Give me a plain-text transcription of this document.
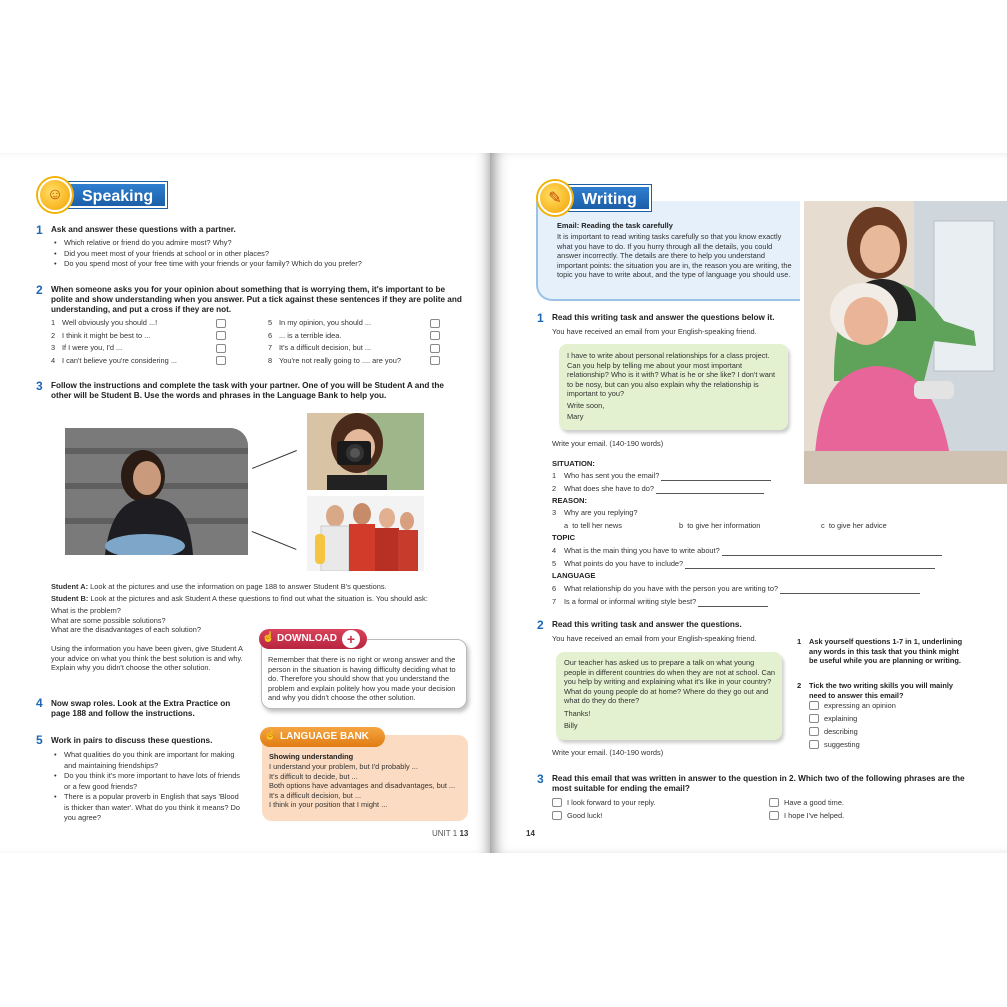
☺	Speaking
1 Ask and answer these questions with a partner.
• Which relative or friend do you admire most? Why?
• Did you meet most of your friends at school or in other places?
• Do you spend most of your free time with your friends or your family? Which do you prefer?
2 When someone asks you for your opinion about something that is worrying them, it's important to be polite and show understanding when you answer. Put a tick against these sentences if they are polite and understanding, and put a cross if they are not.
1 Well obviously you should ...!
2 I think it might be best to ...
3 If I were you, I'd ...
4 I can't believe you're considering ...
5 In my opinion, you should ...
6 ... is a terrible idea.
7 It's a difficult decision, but ...
8 You're not really going to .... are you?
3 Follow the instructions and complete the task with your partner. One of you will be Student A and the other will be Student B. Use the words and phrases in the Language Bank to help you.
Student A: Look at the pictures and use the information on page 188 to answer Student B's questions.
Student B: Look at the pictures and ask Student A these questions to find out what the situation is. You should ask:
What is the problem?
What are some possible solutions?
What are the disadvantages of each solution?
Using the information you have been given, give Student A your advice on what you think the best solution is and why. Explain why you didn't choose the other solution.
Remember that there is no right or wrong answer and the person in the situation is having difficulty deciding what to do. Therefore you should show that you understand the problem and explain politely how you made your decision and why you didn't choose the other solution.
DOWNLOAD +
☝
4 Now swap roles. Look at the Extra Practice on page 188 and follow the instructions.
5 Work in pairs to discuss these questions.
• What qualities do you think are important for making and maintaining friendships?
• Do you think it's more important to have lots of friends or a few good friends?
• There is a popular proverb in English that says 'Blood is thicker than water'. What do you think it means? Do you agree?
Showing understanding
I understand your problem, but I'd probably ...
It's difficult to decide, but ...
Both options have advantages and disadvantages, but ...
It's a difficult decision, but ...
I think in your position that I might ...
LANGUAGE BANK
☝
UNIT 1 13
Email: Reading the task carefully
It is important to read writing tasks carefully so that you know exactly what you have to do. If you hurry through all the details, you could answer incorrectly. The details are there to help you understand important points: the situation you are in, the reason you are writing, the topic you have to write about, and the type of language you should use.
✎	Writing
1 Read this writing task and answer the questions below it.
You have received an email from your English-speaking friend.
I have to write about personal relationships for a class project. Can you help by telling me about your most important relationship? Who is it with? What is he or she like? I don't want to be nosy, but can you also explain why the relationship is important to you?
Write soon,
Mary
Write your email. (140-190 words)
SITUATION:
1 Who has sent you the email?
2 What does she have to do?
REASON:
3 Why are you replying?
a to tell her news	b to give her information	c to give her advice
TOPIC
4 What is the main thing you have to write about?
5 What points do you have to include?
LANGUAGE
6 What relationship do you have with the person you are writing to?
7 Is a formal or informal writing style best?
2 Read this writing task and answer the questions.
You have received an email from your English-speaking friend.
Our teacher has asked us to prepare a talk on what young people in different countries do when they are not at school. Can you help by writing and explaining what it's like in your country? What do young people do at home? Where do they go out and what do they do there?
Thanks!
Billy
Write your email. (140-190 words)
1 Ask yourself questions 1-7 in 1, underlining any words in this task that you think might be useful while you are planning or writing.
2 Tick the two writing skills you will mainly need to answer this email?
expressing an opinion
explaining
describing
suggesting
3 Read this email that was written in answer to the question in 2. Which two of the following phrases are the most suitable for ending the email?
I look forward to your reply.
Good luck!
Have a good time.
I hope I've helped.
14
